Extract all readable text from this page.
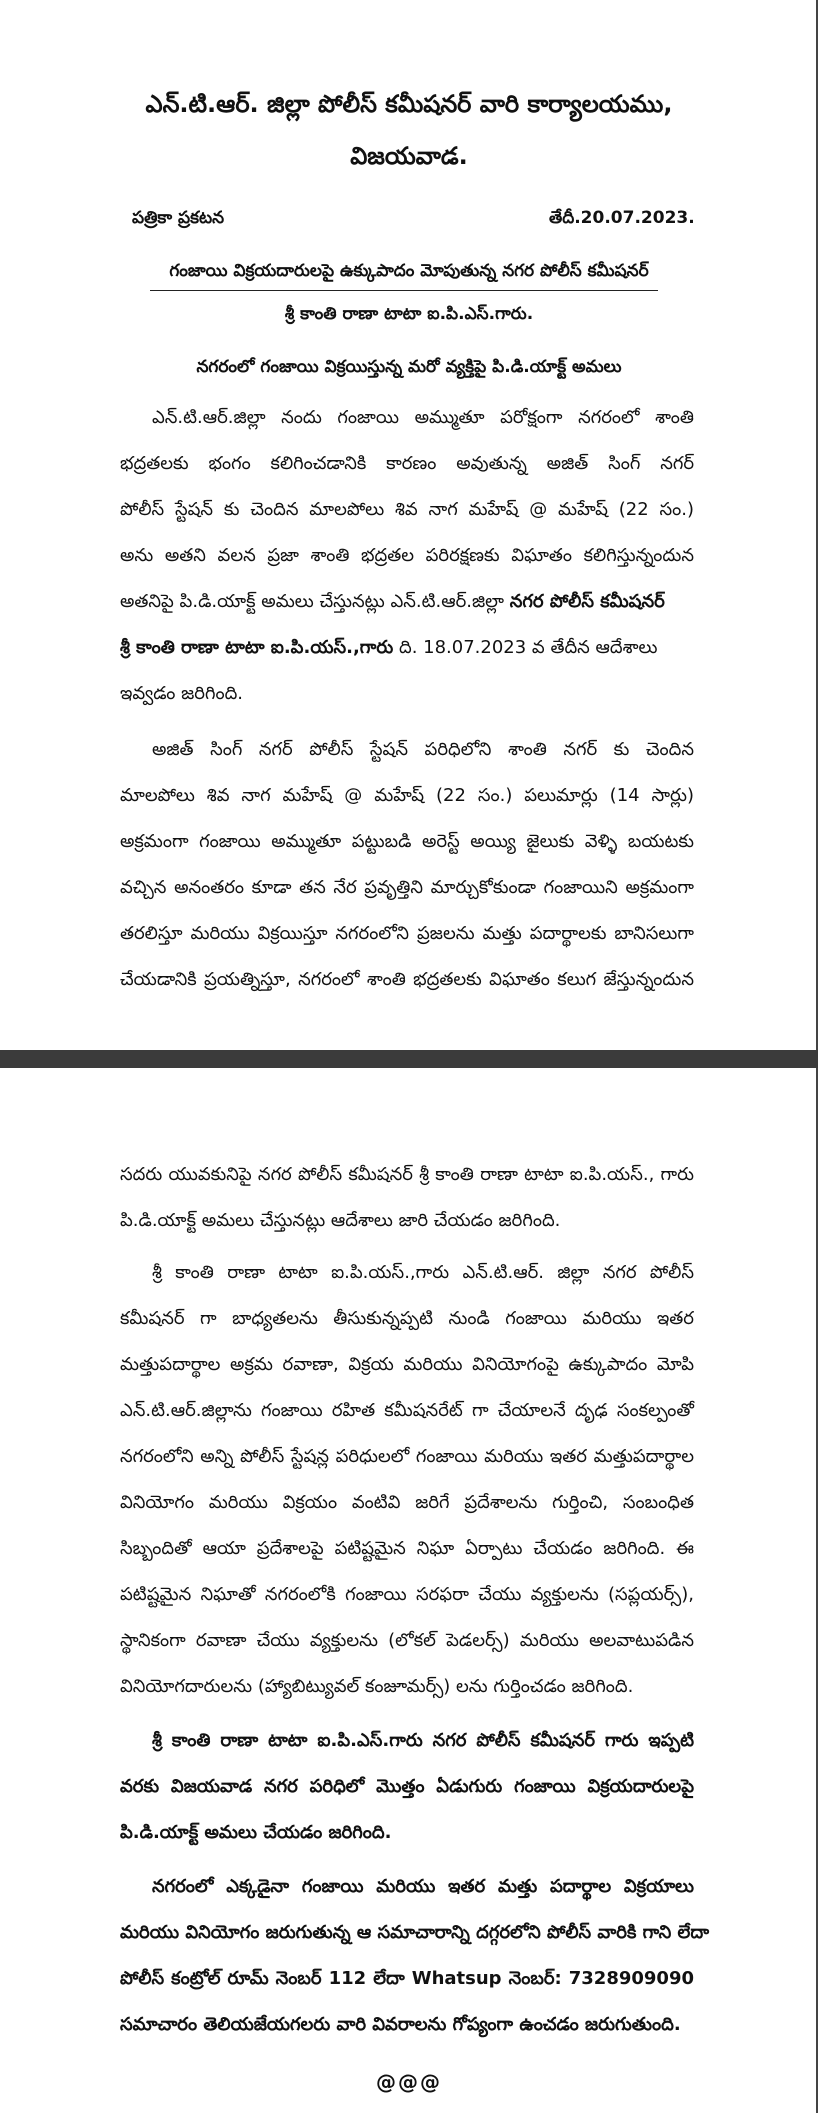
ఎన్.టి.ఆర్. జిల్లా పోలీస్ కమీషనర్ వారి కార్యాలయము,
విజయవాడ.
పత్రికా ప్రకటన	తేదీ.20.07.2023.
గంజాయి విక్రయదారులపై ఉక్కుపాదం మోపుతున్న నగర పోలీస్ కమీషనర్
శ్రీ కాంతి రాణా టాటా ఐ.పి.ఎస్.గారు.
నగరంలో గంజాయి విక్రయిస్తున్న మరో వ్యక్తిపై పి.డి.యాక్ట్ అమలు
ఎన్.టి.ఆర్.జిల్లా నందు గంజాయి అమ్ముతూ పరోక్షంగా నగరంలో శాంతి
భద్రతలకు భంగం కలిగించడానికి కారణం అవుతున్న అజిత్ సింగ్ నగర్
పోలీస్ స్టేషన్ కు చెందిన మాలపోలు శివ నాగ మహేష్ @ మహేష్ (22 సం.)
అను అతని వలన ప్రజా శాంతి భద్రతల పరిరక్షణకు విఘాతం కలిగిస్తున్నందున
అతనిపై పి.డి.యాక్ట్ అమలు చేస్తునట్లు ఎన్.టి.ఆర్.జిల్లా నగర పోలీస్ కమీషనర్
శ్రీ కాంతి రాణా టాటా ఐ.పి.యస్.,గారు ది. 18.07.2023 వ తేదీన ఆదేశాలు
ఇవ్వడం జరిగింది.
అజిత్ సింగ్ నగర్ పోలీస్ స్టేషన్ పరిధిలోని శాంతి నగర్ కు చెందిన
మాలపోలు శివ నాగ మహేష్ @ మహేష్ (22 సం.) పలుమార్లు (14 సార్లు)
అక్రమంగా గంజాయి అమ్ముతూ పట్టుబడి అరెస్ట్ అయ్యి జైలుకు వెళ్ళి బయటకు
వచ్చిన అనంతరం కూడా తన నేర ప్రవృత్తిని మార్చుకోకుండా గంజాయిని అక్రమంగా
తరలిస్తూ మరియు విక్రయిస్తూ నగరంలోని ప్రజలను మత్తు పదార్థాలకు బానిసలుగా
చేయడానికి ప్రయత్నిస్తూ, నగరంలో శాంతి భద్రతలకు విఘాతం కలుగ జేస్తున్నందున
సదరు యువకునిపై నగర పోలీస్ కమీషనర్ శ్రీ కాంతి రాణా టాటా ఐ.పి.యస్., గారు
పి.డి.యాక్ట్ అమలు చేస్తునట్లు ఆదేశాలు జారి చేయడం జరిగింది.
శ్రీ కాంతి రాణా టాటా ఐ.పి.యస్.,గారు ఎన్.టి.ఆర్. జిల్లా నగర పోలీస్
కమీషనర్ గా బాధ్యతలను తీసుకున్నప్పటి నుండి గంజాయి మరియు ఇతర
మత్తుపదార్థాల అక్రమ రవాణా, విక్రయ మరియు వినియోగంపై ఉక్కుపాదం మోపి
ఎన్.టి.ఆర్.జిల్లాను గంజాయి రహిత కమీషనరేట్ గా చేయాలనే దృఢ సంకల్పంతో
నగరంలోని అన్ని పోలీస్ స్టేషన్ల పరిధులలో గంజాయి మరియు ఇతర మత్తుపదార్థాల
వినియోగం మరియు విక్రయం వంటివి జరిగే ప్రదేశాలను గుర్తించి, సంబంధిత
సిబ్బందితో ఆయా ప్రదేశాలపై పటిష్టమైన నిఘా ఏర్పాటు చేయడం జరిగింది. ఈ
పటిష్టమైన నిఘాతో నగరంలోకి గంజాయి సరఫరా చేయు వ్యక్తులను (సప్లయర్స్),
స్థానికంగా రవాణా చేయు వ్యక్తులను (లోకల్ పెడలర్స్) మరియు అలవాటుపడిన
వినియోగదారులను (హ్యాబిట్యువల్ కంజూమర్స్) లను గుర్తించడం జరిగింది.
శ్రీ కాంతి రాణా టాటా ఐ.పి.ఎస్.గారు నగర పోలీస్ కమీషనర్ గారు ఇప్పటి
వరకు విజయవాడ నగర పరిధిలో మొత్తం ఏడుగురు గంజాయి విక్రయదారులపై
పి.డి.యాక్ట్ అమలు చేయడం జరిగింది.
నగరంలో ఎక్కడైనా గంజాయి మరియు ఇతర మత్తు పదార్థాల విక్రయాలు
మరియు వినియోగం జరుగుతున్న ఆ సమాచారాన్ని దగ్గరలోని పోలీస్ వారికి గాని లేదా
పోలీస్ కంట్రోల్ రూమ్ నెంబర్ 112 లేదా Whatsup నెంబర్: 7328909090
సమాచారం తెలియజేయగలరు వారి వివరాలను గోప్యంగా ఉంచడం జరుగుతుంది.
@@@
